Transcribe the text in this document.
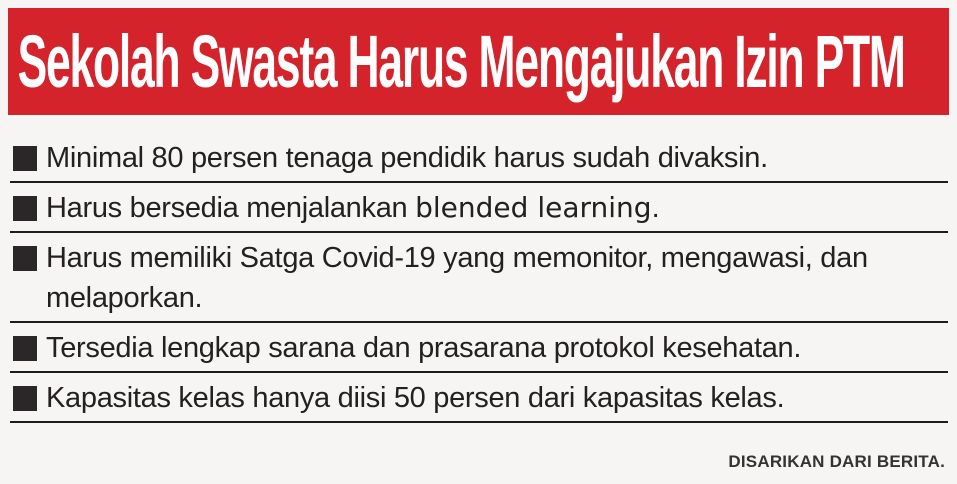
Sekolah Swasta Harus Mengajukan Izin PTM
Minimal 80 persen tenaga pendidik harus sudah divaksin.
Harus bersedia menjalankan blended learning.
Harus memiliki Satga Covid-19 yang memonitor, mengawasi, dan melaporkan.
Tersedia lengkap sarana dan prasarana protokol kesehatan.
Kapasitas kelas hanya diisi 50 persen dari kapasitas kelas.
DISARIKAN DARI BERITA.
